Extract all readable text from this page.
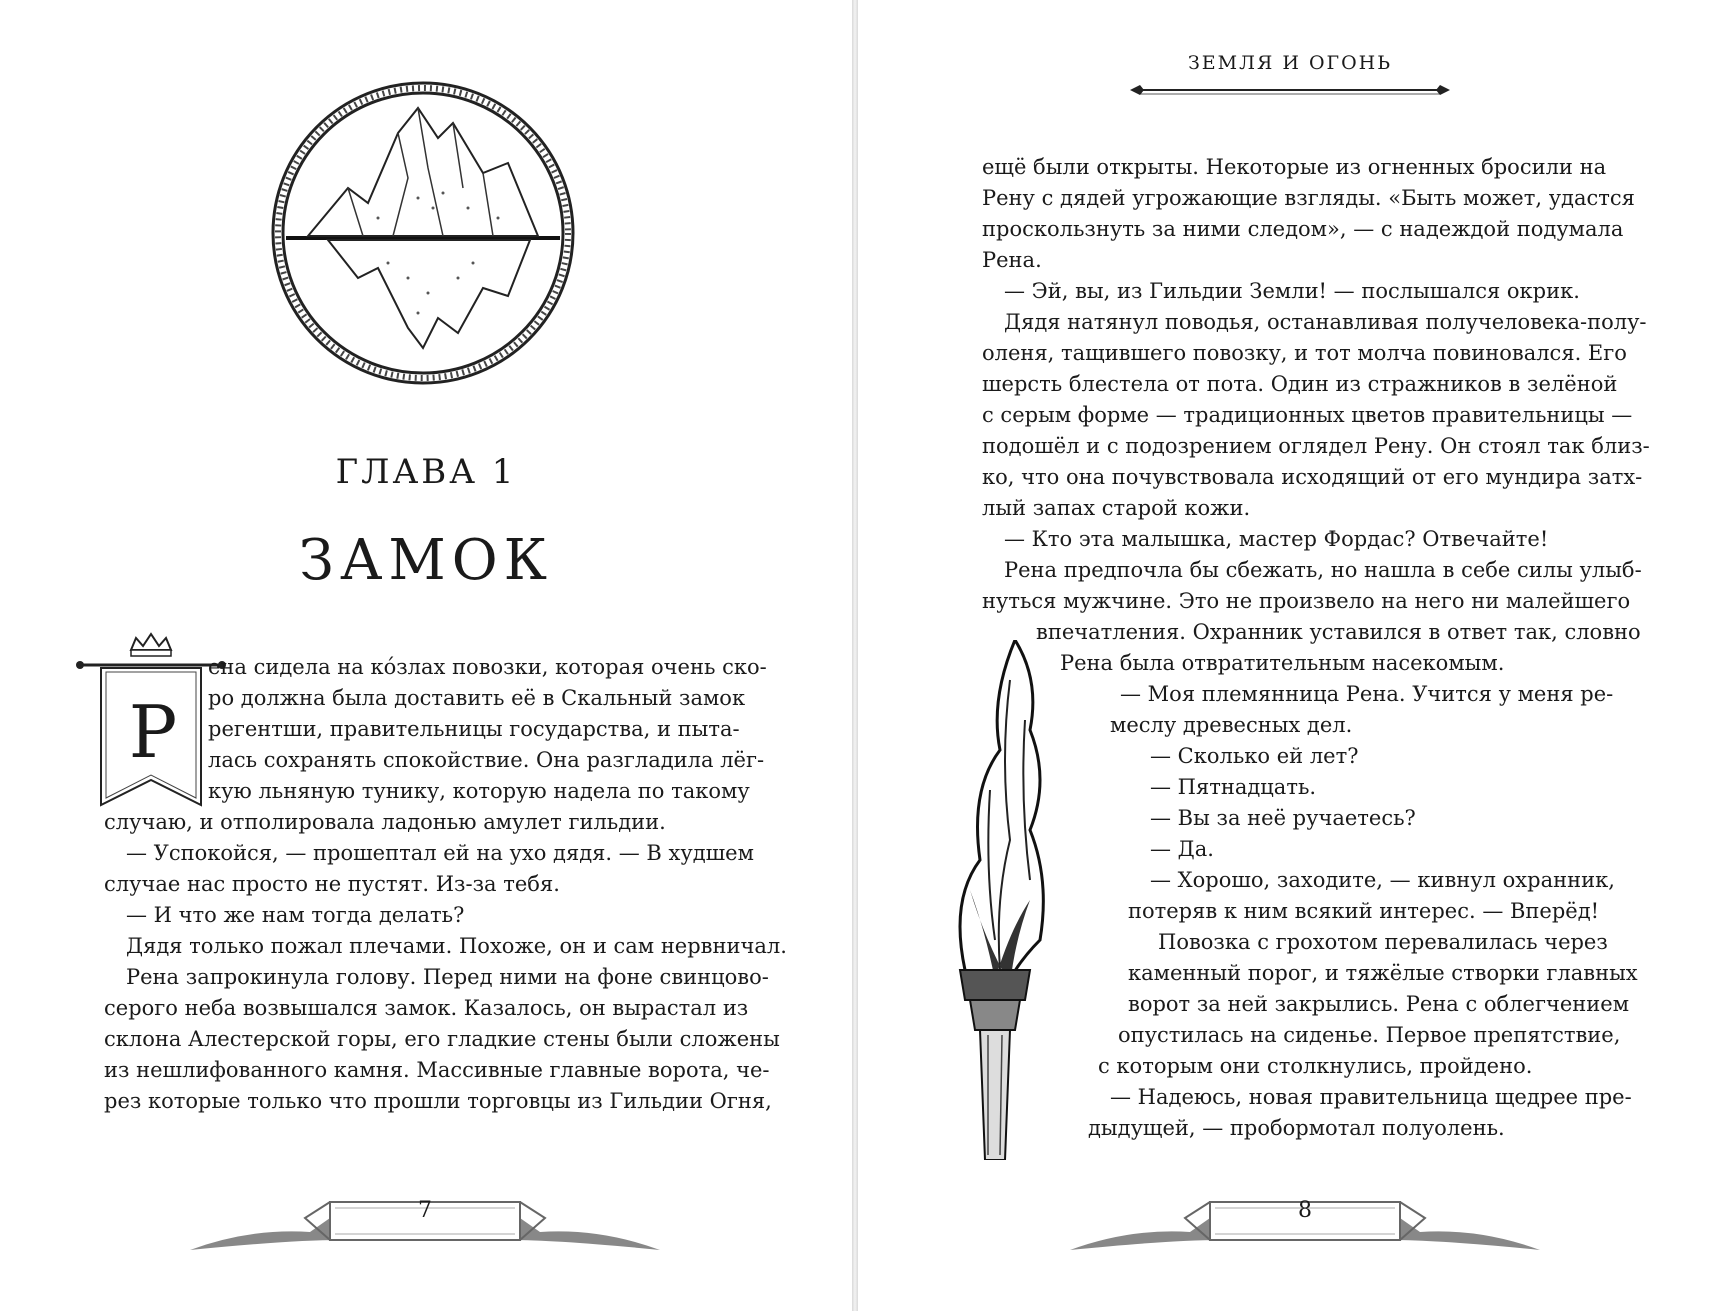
ГЛАВА 1
ЗАМОК
Р
ена сидела на ко́злах повозки, которая очень ско-
ро должна была доставить её в Скальный замок
регентши, правительницы государства, и пыта-
лась сохранять спокойствие. Она разгладила лёг-
кую льняную тунику, которую надела по такому
случаю, и отполировала ладонью амулет гильдии.
— Успокойся, — прошептал ей на ухо дядя. — В худшем
случае нас просто не пустят. Из-за тебя.
— И что же нам тогда делать?
Дядя только пожал плечами. Похоже, он и сам нервничал.
Рена запрокинула голову. Перед ними на фоне свинцово-
серого неба возвышался замок. Казалось, он вырастал из
склона Алестерской горы, его гладкие стены были сложены
из нешлифованного камня. Массивные главные ворота, че-
рез которые только что прошли торговцы из Гильдии Огня,
7
ЗЕМЛЯ И ОГОНЬ
ещё были открыты. Некоторые из огненных бросили на
Рену с дядей угрожающие взгляды. «Быть может, удастся
проскользнуть за ними следом», — с надеждой подумала
Рена.
— Эй, вы, из Гильдии Земли! — послышался окрик.
Дядя натянул поводья, останавливая получеловека-полу-
оленя, тащившего повозку, и тот молча повиновался. Его
шерсть блестела от пота. Один из стражников в зелёной
с серым форме — традиционных цветов правительницы —
подошёл и с подозрением оглядел Рену. Он стоял так близ-
ко, что она почувствовала исходящий от его мундира затх-
лый запах старой кожи.
— Кто эта малышка, мастер Фордас? Отвечайте!
Рена предпочла бы сбежать, но нашла в себе силы улыб-
нуться мужчине. Это не произвело на него ни малейшего
впечатления. Охранник уставился в ответ так, словно
Рена была отвратительным насекомым.
— Моя племянница Рена. Учится у меня ре-
меслу древесных дел.
— Сколько ей лет?
— Пятнадцать.
— Вы за неё ручаетесь?
— Да.
— Хорошо, заходите, — кивнул охранник,
потеряв к ним всякий интерес. — Вперёд!
Повозка с грохотом перевалилась через
каменный порог, и тяжёлые створки главных
ворот за ней закрылись. Рена с облегчением
опустилась на сиденье. Первое препятствие,
с которым они столкнулись, пройдено.
— Надеюсь, новая правительница щедрее пре-
дыдущей, — пробормотал полуолень.
8
